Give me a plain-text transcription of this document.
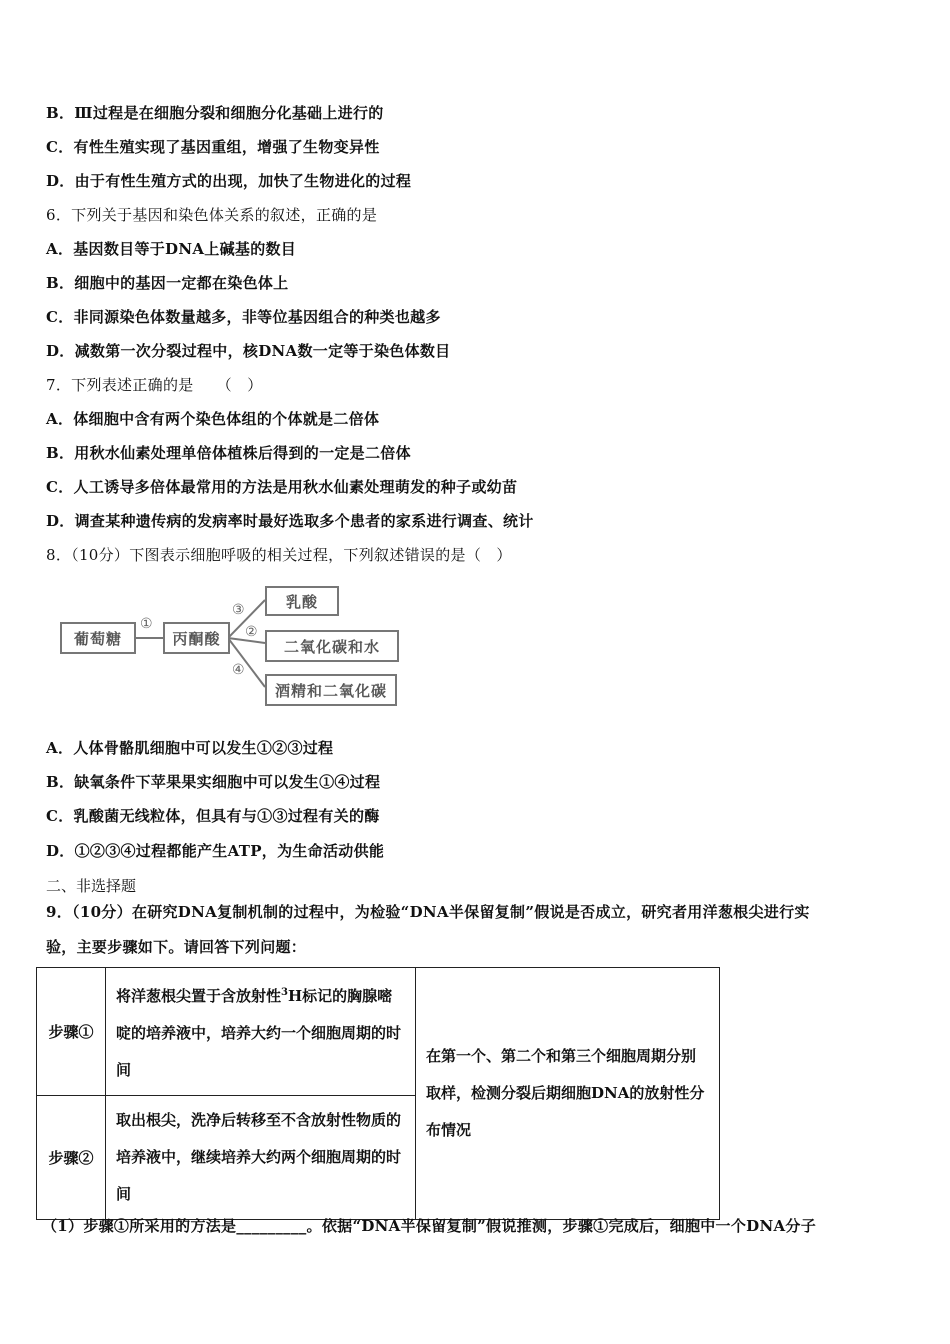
B．Ⅲ过程是在细胞分裂和细胞分化基础上进行的
C．有性生殖实现了基因重组，增强了生物变异性
D．由于有性生殖方式的出现，加快了生物进化的过程
6．下列关于基因和染色体关系的叙述，正确的是
A．基因数目等于DNA上碱基的数目
B．细胞中的基因一定都在染色体上
C．非同源染色体数量越多，非等位基因组合的种类也越多
D．减数第一次分裂过程中，核DNA数一定等于染色体数目
7．下列表述正确的是　　（　）
A．体细胞中含有两个染色体组的个体就是二倍体
B．用秋水仙素处理单倍体植株后得到的一定是二倍体
C．人工诱导多倍体最常用的方法是用秋水仙素处理萌发的种子或幼苗
D．调查某种遗传病的发病率时最好选取多个患者的家系进行调查、统计
8．（10分）下图表示细胞呼吸的相关过程，下列叙述错误的是（　）
葡萄糖
①
丙酮酸
③
②
④
乳酸
二氧化碳和水
酒精和二氧化碳
A．人体骨骼肌细胞中可以发生①②③过程
B．缺氧条件下苹果果实细胞中可以发生①④过程
C．乳酸菌无线粒体，但具有与①③过程有关的酶
D．①②③④过程都能产生ATP，为生命活动供能
二、非选择题
9．（10分）在研究DNA复制机制的过程中，为检验“DNA半保留复制”假说是否成立，研究者用洋葱根尖进行实
验，主要步骤如下。请回答下列问题：
步骤①	将洋葱根尖置于含放射性$^3$H标记的胸腺嘧啶的培养液中，培养大约一个细胞周期的时间	在第一个、第二个和第三个细胞周期分别取样，检测分裂后期细胞DNA的放射性分布情况
步骤②	取出根尖，洗净后转移至不含放射性物质的培养液中，继续培养大约两个细胞周期的时间	
（1）步骤①所采用的方法是_________。依据“DNA半保留复制”假说推测，步骤①完成后，细胞中一个DNA分子
